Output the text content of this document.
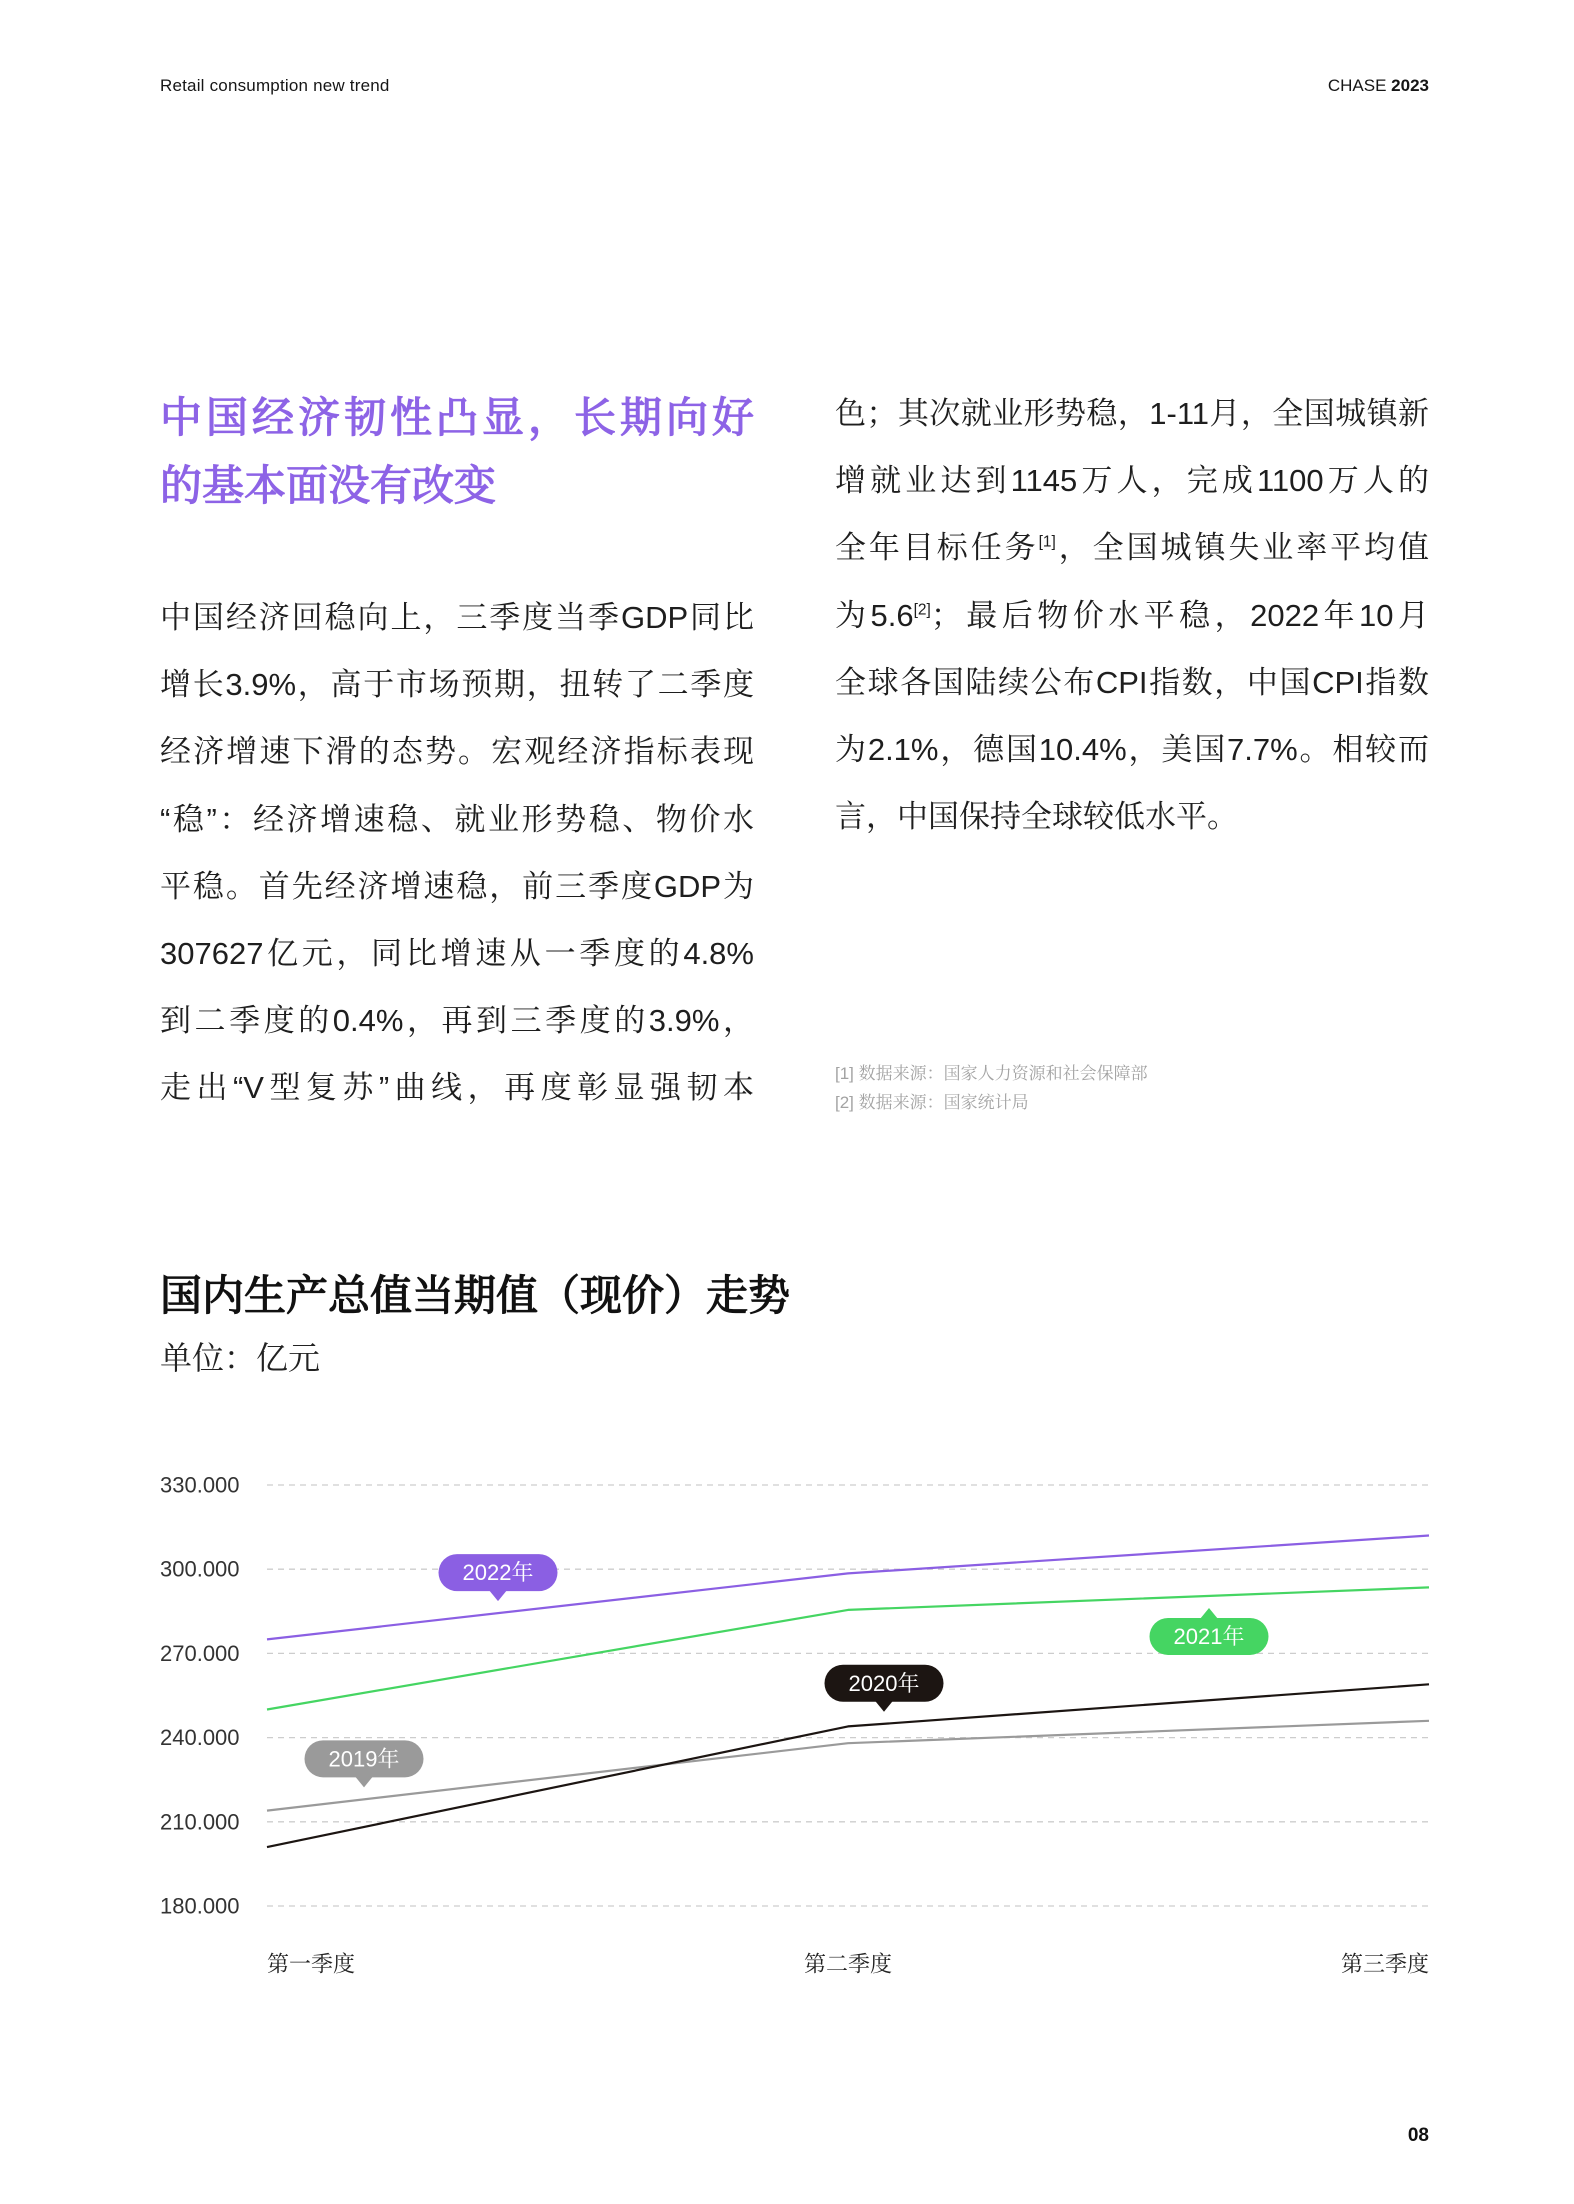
Retail consumption new trend	CHASE 2023
中国经济韧性凸显，长期向好
的基本面没有改变
中国经济回稳向上，三季度当季GDP同比
增长3.9%，高于市场预期，扭转了二季度
经济增速下滑的态势。宏观经济指标表现
“稳”：经济增速稳、就业形势稳、物价水
平稳。首先经济增速稳，前三季度GDP为
307627亿元，同比增速从一季度的4.8%
到二季度的0.4%，再到三季度的3.9%，
走出“V型复苏”曲线，再度彰显强韧本
色；其次就业形势稳，1-11月，全国城镇新
增就业达到1145万人，完成1100万人的
全年目标任务[1]，全国城镇失业率平均值
为5.6[2]；最后物价水平稳，2022年10月
全球各国陆续公布CPI指数，中国CPI指数
为2.1%，德国10.4%，美国7.7%。相较而
言，中国保持全球较低水平。
[1] 数据来源：国家人力资源和社会保障部
[2] 数据来源：国家统计局
国内生产总值当期值（现价）走势
单位：亿元
330.000
300.000
270.000
240.000
210.000
180.000
第一季度	第二季度	第三季度
2022年
2021年
2020年
2019年
08
